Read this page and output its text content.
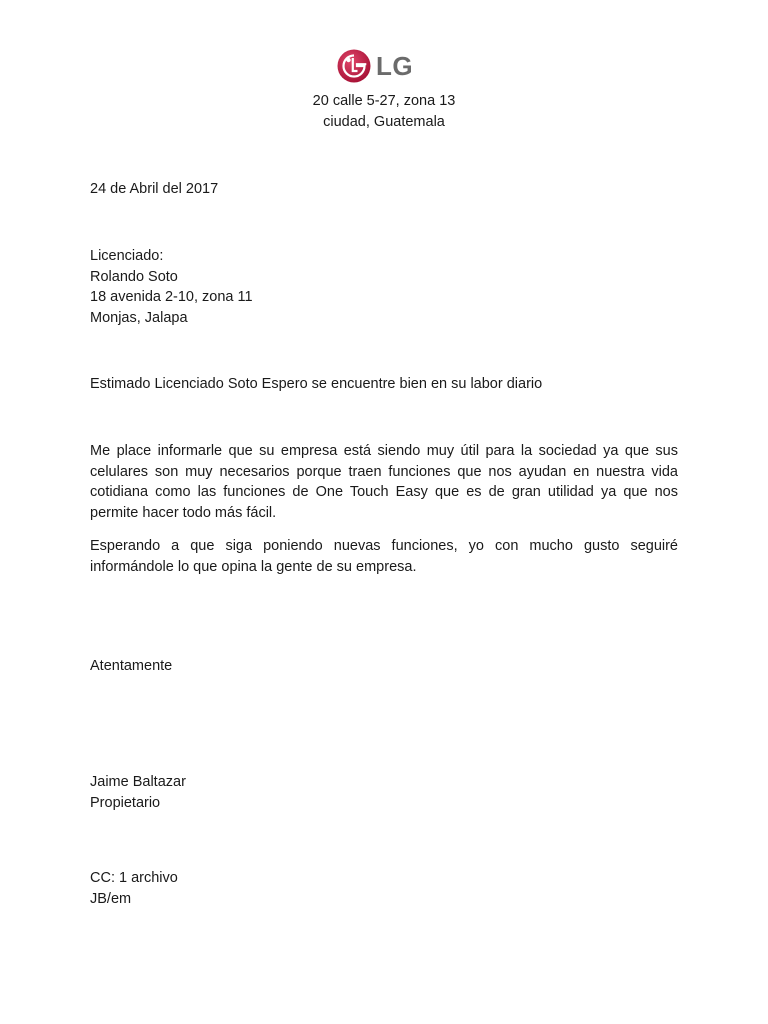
LG
20 calle 5-27, zona 13
ciudad, Guatemala
24 de Abril del 2017
Licenciado:
Rolando Soto
18 avenida 2-10, zona 11
Monjas, Jalapa
Estimado Licenciado Soto Espero se encuentre bien en su labor diario

Me place informarle que su empresa está siendo muy útil para la sociedad ya que sus celulares son muy necesarios porque traen funciones que nos ayudan en nuestra vida cotidiana como las funciones de One Touch Easy que es de gran utilidad ya que nos permite hacer todo más fácil.

Esperando a que siga poniendo nuevas funciones, yo con mucho gusto seguiré informándole lo que opina la gente de su empresa.

Atentamente
Jaime Baltazar
Propietario
CC: 1 archivo
JB/em
